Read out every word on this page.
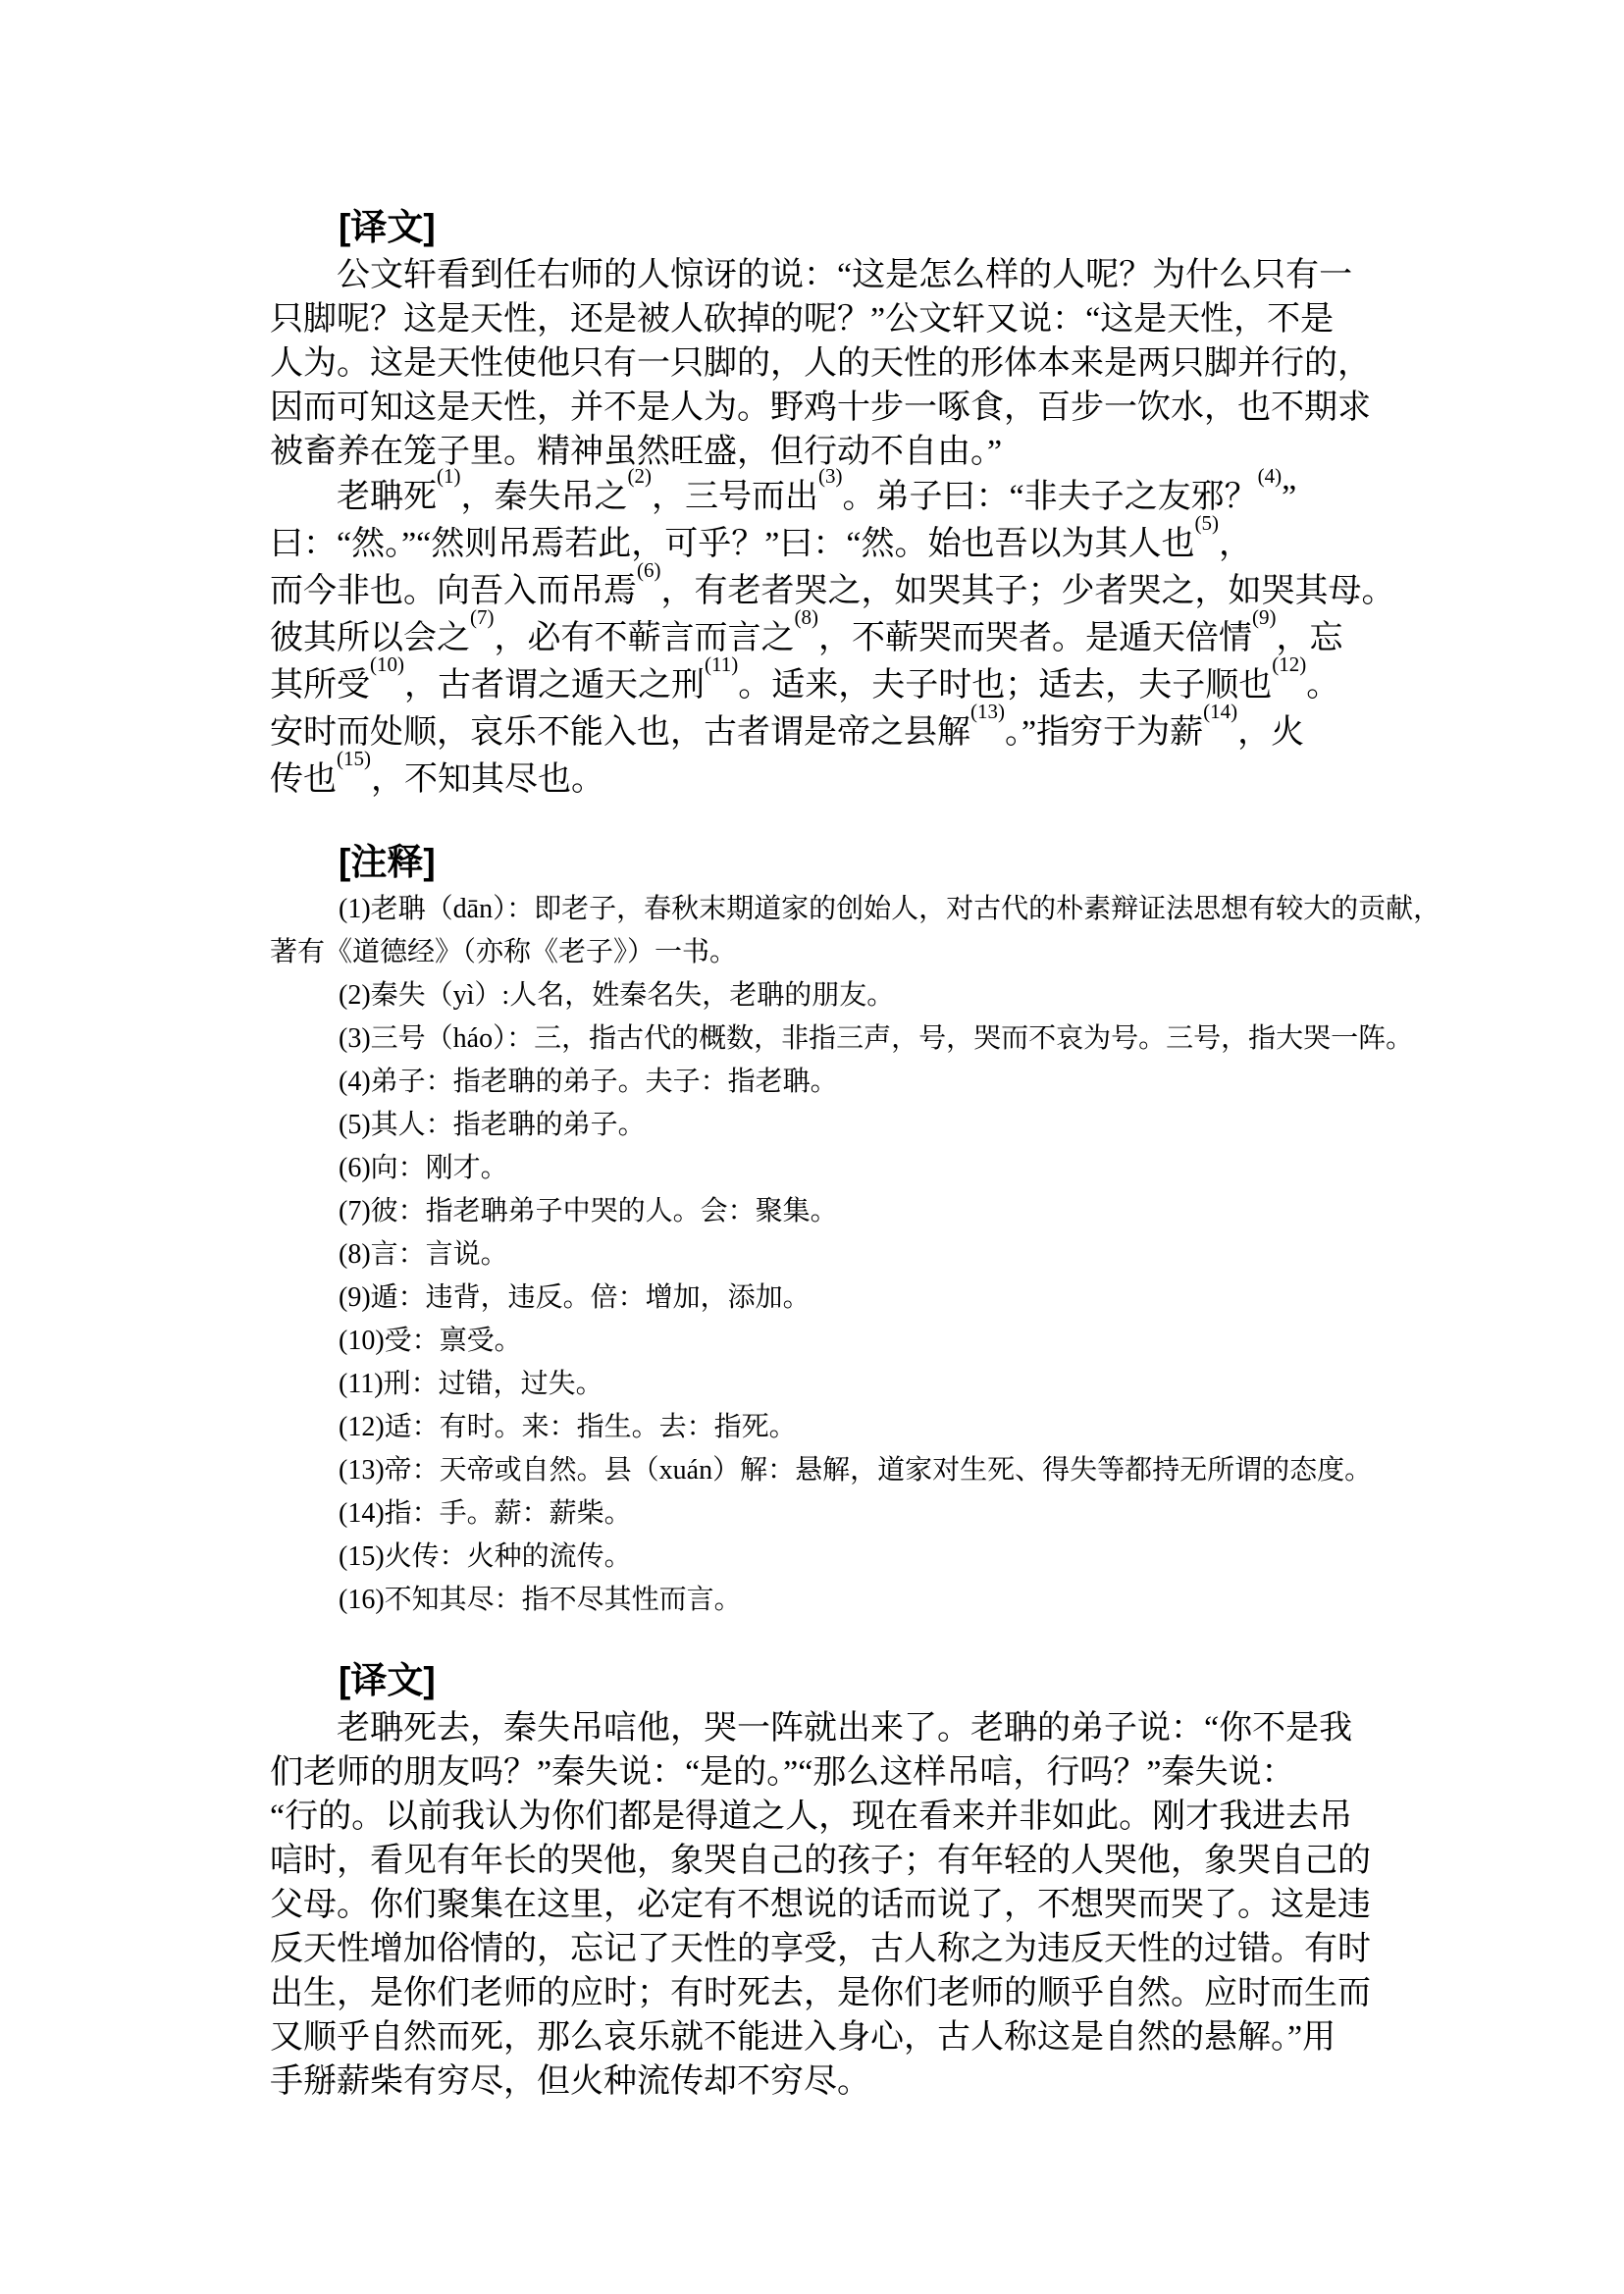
[译文]
公文轩看到任右师的人惊讶的说：“这是怎么样的人呢？为什么只有一
只脚呢？这是天性，还是被人砍掉的呢？”公文轩又说：“这是天性，不是
人为。这是天性使他只有一只脚的，人的天性的形体本来是两只脚并行的，
因而可知这是天性，并不是人为。野鸡十步一啄食，百步一饮水，也不期求
被畜养在笼子里。精神虽然旺盛，但行动不自由。”
老聃死$^{(1)}$，秦失吊之$^{(2)}$，三号而出$^{(3)}$。弟子曰：“非夫子之友邪？$^{(4)}$”
曰：“然。”“然则吊焉若此，可乎？”曰：“然。始也吾以为其人也$^{(5)}$，
而今非也。向吾入而吊焉$^{(6)}$，有老者哭之，如哭其子；少者哭之，如哭其母。
彼其所以会之$^{(7)}$，必有不蕲言而言之$^{(8)}$，不蕲哭而哭者。是遁天倍情$^{(9)}$，忘
其所受$^{(10)}$，古者谓之遁天之刑$^{(11)}$。适来，夫子时也；适去，夫子顺也$^{(12)}$。
安时而处顺，哀乐不能入也，古者谓是帝之县解$^{(13)}$。”指穷于为薪$^{(14)}$，火
传也$^{(15)}$，不知其尽也。
[注释]
(1)老聃（dān）：即老子，春秋末期道家的创始人，对古代的朴素辩证法思想有较大的贡献，
著有《道德经》（亦称《老子》）一书。
(2)秦失（yì）:人名，姓秦名失，老聃的朋友。
(3)三号（háo）：三，指古代的概数，非指三声，号，哭而不哀为号。三号，指大哭一阵。
(4)弟子：指老聃的弟子。夫子：指老聃。
(5)其人：指老聃的弟子。
(6)向：刚才。
(7)彼：指老聃弟子中哭的人。会：聚集。
(8)言：言说。
(9)遁：违背，违反。倍：增加，添加。
(10)受：禀受。
(11)刑：过错，过失。
(12)适：有时。来：指生。去：指死。
(13)帝：天帝或自然。县（xuán）解：悬解，道家对生死、得失等都持无所谓的态度。
(14)指：手。薪：薪柴。
(15)火传：火种的流传。
(16)不知其尽：指不尽其性而言。
[译文]
老聃死去，秦失吊唁他，哭一阵就出来了。老聃的弟子说：“你不是我
们老师的朋友吗？”秦失说：“是的。”“那么这样吊唁，行吗？”秦失说：
“行的。以前我认为你们都是得道之人，现在看来并非如此。刚才我进去吊
唁时，看见有年长的哭他，象哭自己的孩子；有年轻的人哭他，象哭自己的
父母。你们聚集在这里，必定有不想说的话而说了，不想哭而哭了。这是违
反天性增加俗情的，忘记了天性的享受，古人称之为违反天性的过错。有时
出生，是你们老师的应时；有时死去，是你们老师的顺乎自然。应时而生而
又顺乎自然而死，那么哀乐就不能进入身心，古人称这是自然的悬解。”用
手掰薪柴有穷尽，但火种流传却不穷尽。
